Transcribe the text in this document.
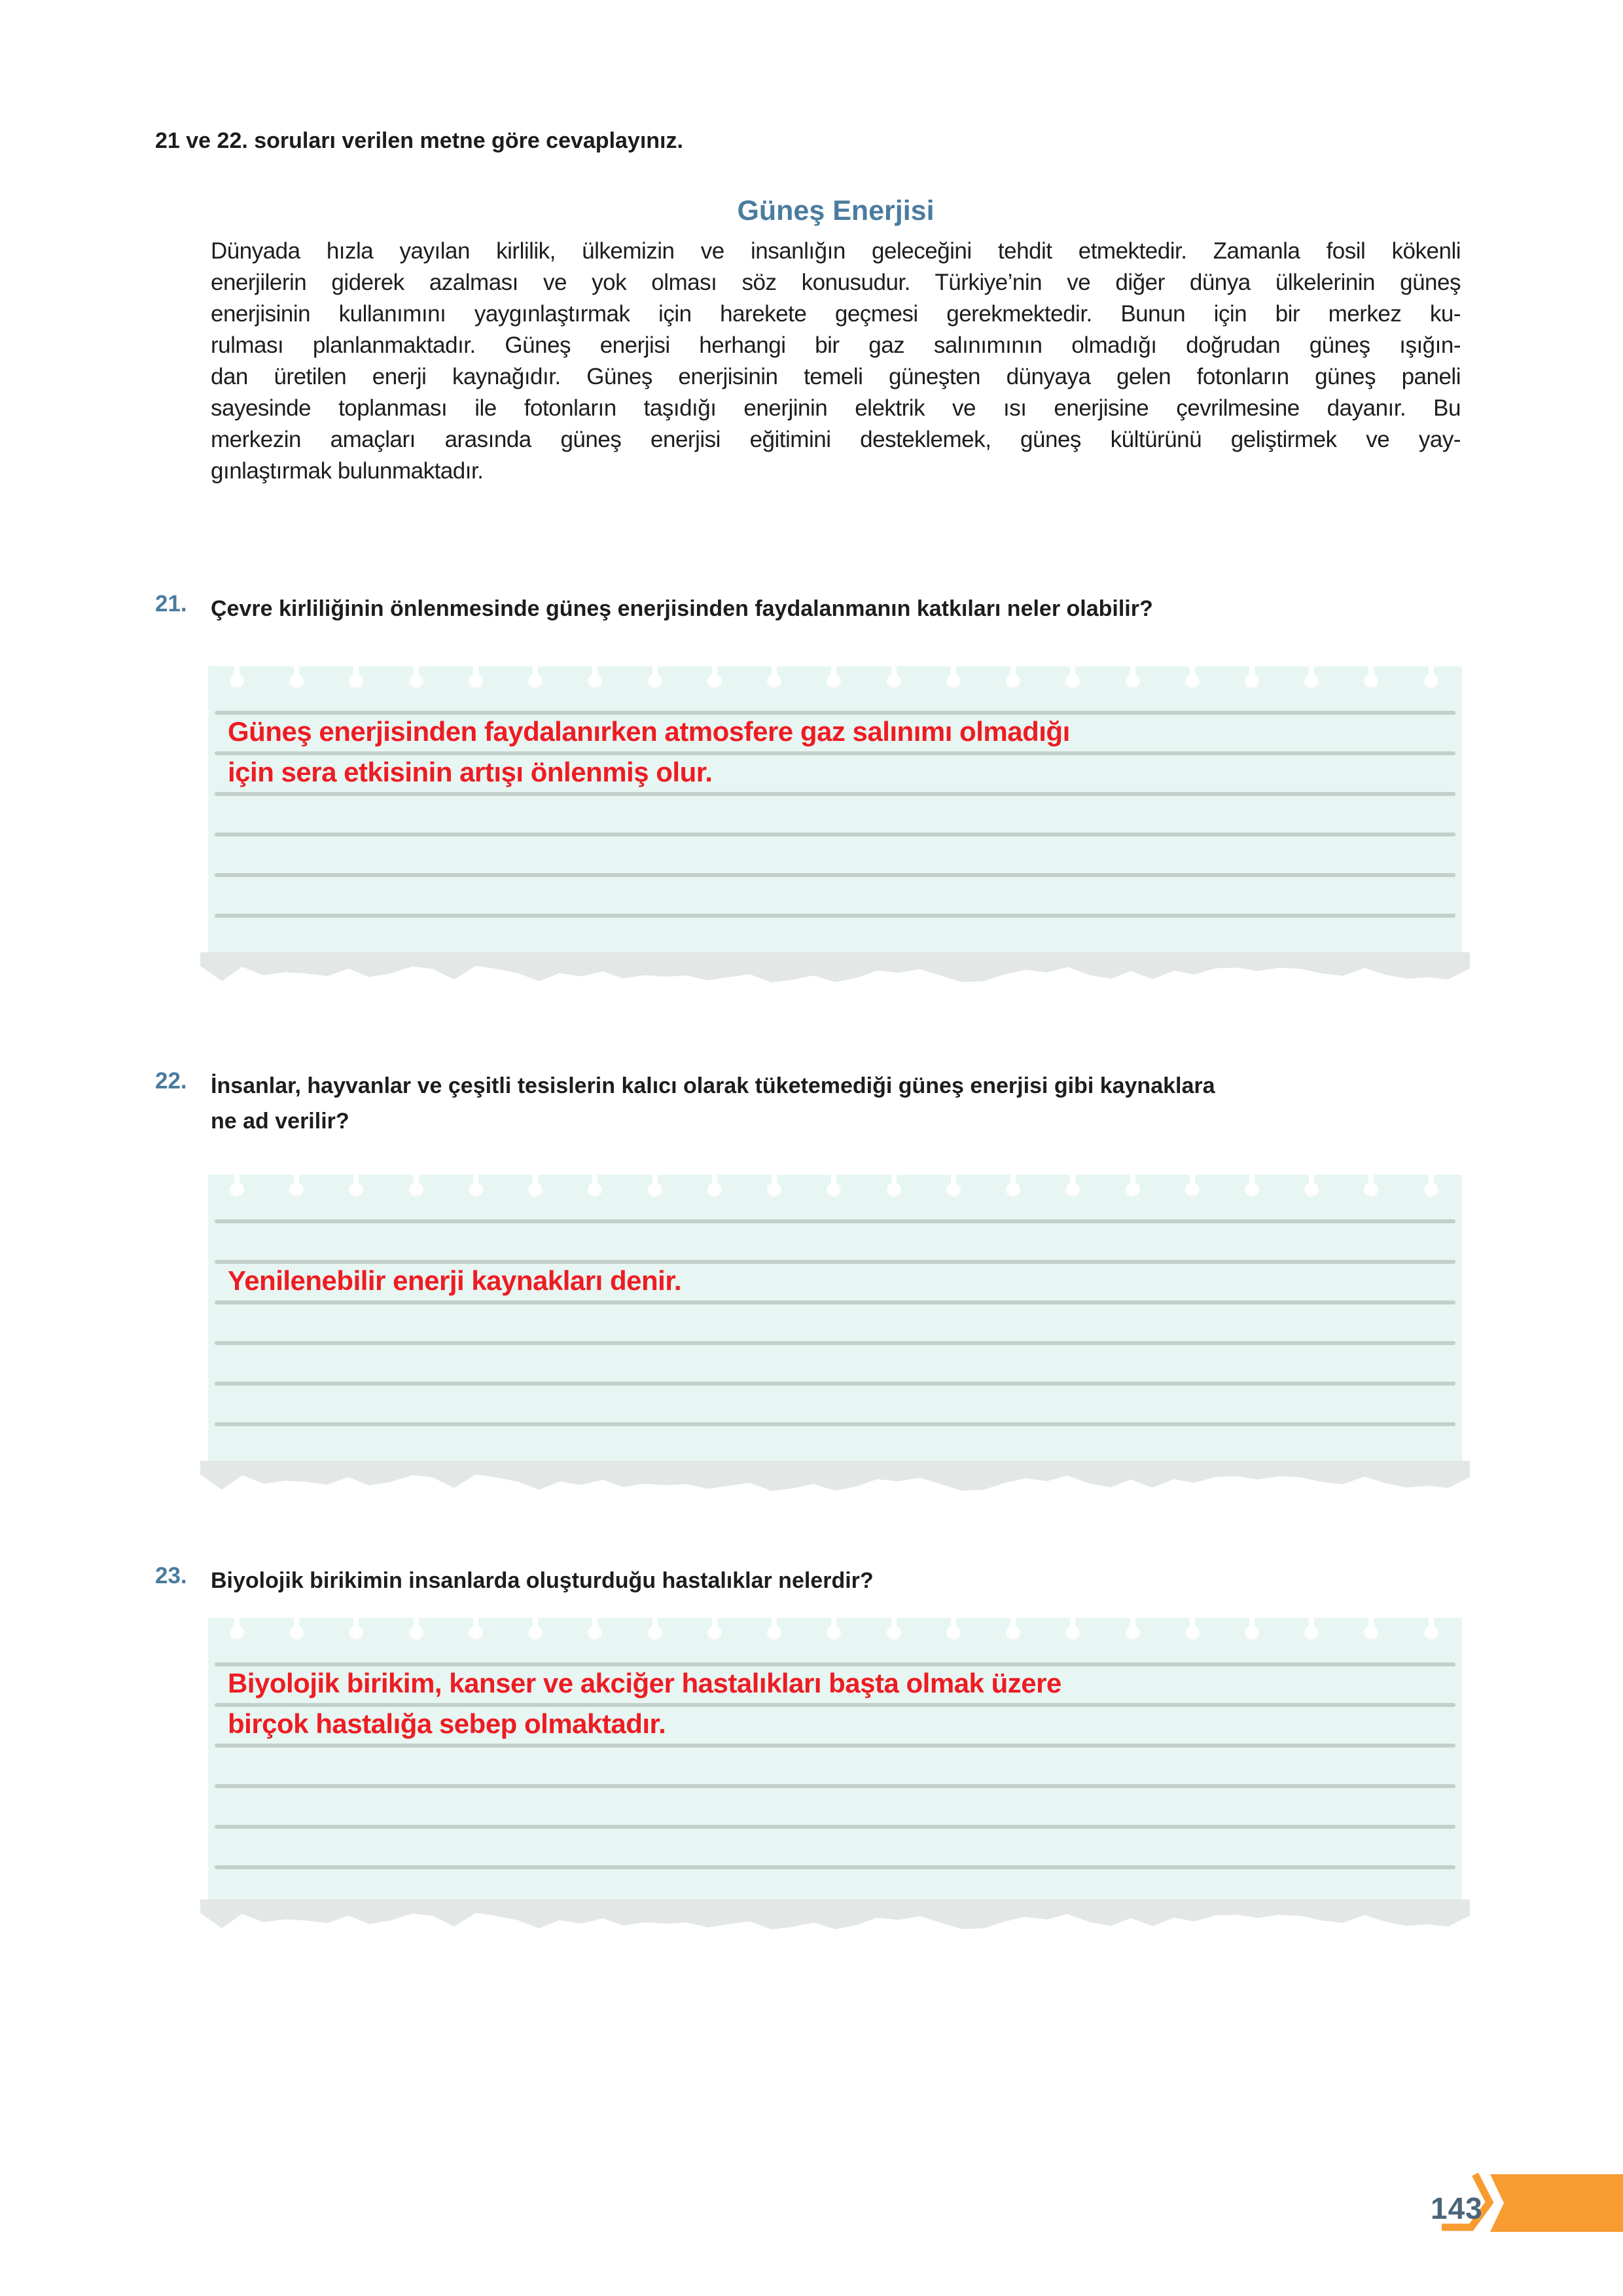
21 ve 22. soruları verilen metne göre cevaplayınız.
Güneş Enerjisi
Dünyada hızla yayılan kirlilik, ülkemizin ve insanlığın geleceğini tehdit etmektedir. Zamanla fosil kökenli
enerjilerin giderek azalması ve yok olması söz konusudur. Türkiye’nin ve diğer dünya ülkelerinin güneş
enerjisinin kullanımını yaygınlaştırmak için harekete geçmesi gerekmektedir. Bunun için bir merkez ku-
rulması planlanmaktadır. Güneş enerjisi herhangi bir gaz salınımının olmadığı doğrudan güneş ışığın-
dan üretilen enerji kaynağıdır. Güneş enerjisinin temeli güneşten dünyaya gelen fotonların güneş paneli
sayesinde toplanması ile fotonların taşıdığı enerjinin elektrik ve ısı enerjisine çevrilmesine dayanır. Bu
merkezin amaçları arasında güneş enerjisi eğitimini desteklemek, güneş kültürünü geliştirmek ve yay-
gınlaştırmak bulunmaktadır.
21. Çevre kirliliğinin önlenmesinde güneş enerjisinden faydalanmanın katkıları neler olabilir?
Güneş enerjisinden faydalanırken atmosfere gaz salınımı olmadığı
için sera etkisinin artışı önlenmiş olur.
22. İnsanlar, hayvanlar ve çeşitli tesislerin kalıcı olarak tüketemediği güneş enerjisi gibi kaynaklara
ne ad verilir?
Yenilenebilir enerji kaynakları denir.
23. Biyolojik birikimin insanlarda oluşturduğu hastalıklar nelerdir?
Biyolojik birikim, kanser ve akciğer hastalıkları başta olmak üzere
birçok hastalığa sebep olmaktadır.
143
